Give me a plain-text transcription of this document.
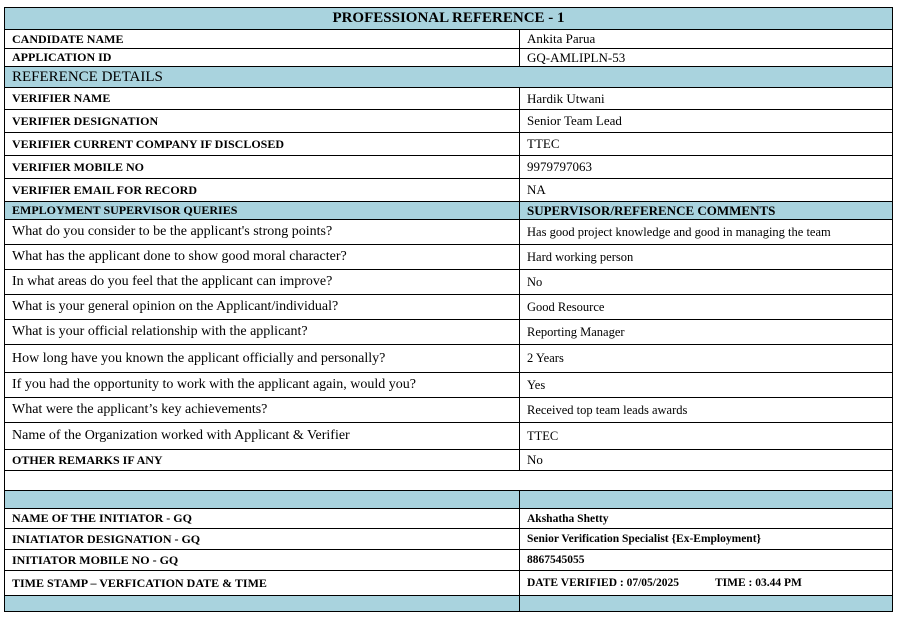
PROFESSIONAL REFERENCE - 1	
CANDIDATE NAME	Ankita Parua
APPLICATION ID	GQ-AMLIPLN-53
REFERENCE DETAILS	
VERIFIER NAME	Hardik Utwani
VERIFIER DESIGNATION	Senior Team Lead
VERIFIER CURRENT COMPANY IF DISCLOSED	TTEC
VERIFIER MOBILE NO	9979797063
VERIFIER EMAIL FOR RECORD	NA
EMPLOYMENT SUPERVISOR QUERIES	SUPERVISOR/REFERENCE COMMENTS
What do you consider to be the applicant's strong points?	Has good project knowledge and good in managing the team
What has the applicant done to show good moral character?	Hard working person
In what areas do you feel that the applicant can improve?	No
What is your general opinion on the Applicant/individual?	Good Resource
What is your official relationship with the applicant?	Reporting Manager
How long have you known the applicant officially and personally?	2 Years
If you had the opportunity to work with the applicant again, would you?	Yes
What were the applicant’s key achievements?	Received top team leads awards
Name of the Organization worked with Applicant & Verifier	TTEC
OTHER REMARKS IF ANY	No

NAME OF THE INITIATOR - GQ	Akshatha Shetty
INIATIATOR DESIGNATION - GQ	Senior Verification Specialist {Ex-Employment}
INITIATOR MOBILE NO - GQ	8867545055
TIME STAMP – VERFICATION DATE & TIME	DATE VERIFIED : 07/05/2025 TIME : 03.44 PM
